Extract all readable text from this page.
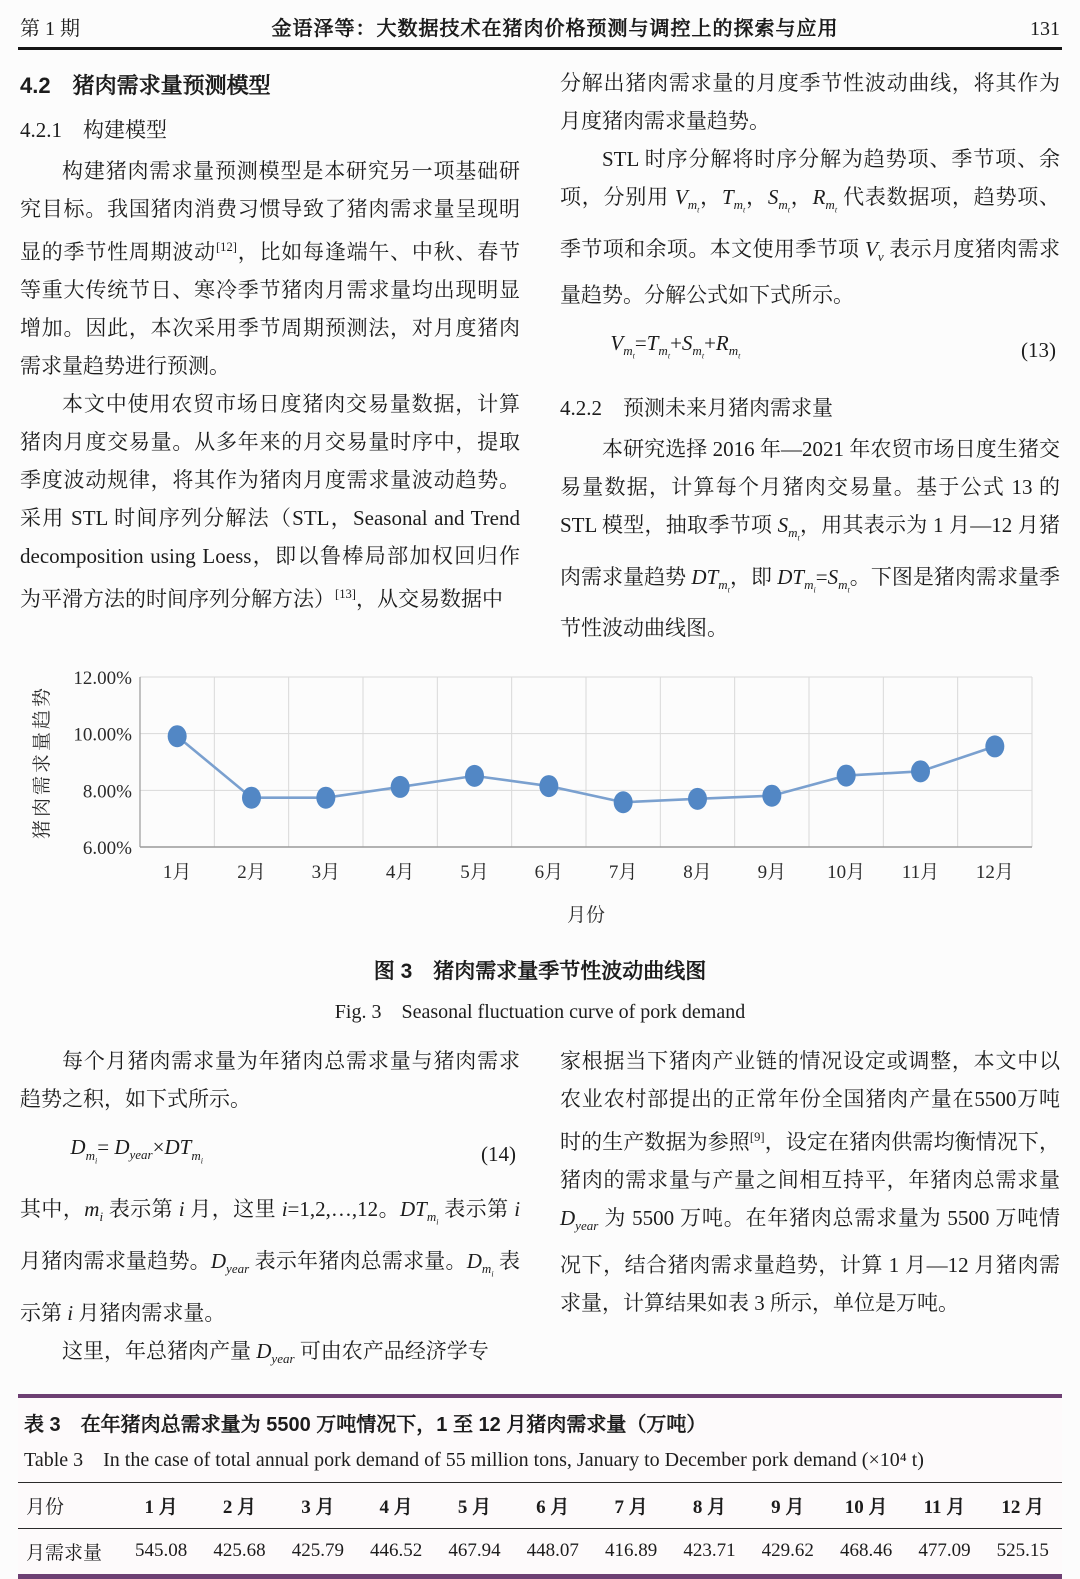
第 1 期	金语泽等：大数据技术在猪肉价格预测与调控上的探索与应用	131
4.2　猪肉需求量预测模型
4.2.1　构建模型

构建猪肉需求量预测模型是本研究另一项基础研究目标。我国猪肉消费习惯导致了猪肉需求量呈现明显的季节性周期波动[12]，比如每逢端午、中秋、春节等重大传统节日、寒冷季节猪肉月需求量均出现明显增加。因此，本次采用季节周期预测法，对月度猪肉需求量趋势进行预测。

本文中使用农贸市场日度猪肉交易量数据，计算猪肉月度交易量。从多年来的月交易量时序中，提取季度波动规律，将其作为猪肉月度需求量波动趋势。采用 STL 时间序列分解法（STL，Seasonal and Trend decomposition using Loess，即以鲁棒局部加权回归作为平滑方法的时间序列分解方法）[13]，从交易数据中

分解出猪肉需求量的月度季节性波动曲线，将其作为月度猪肉需求量趋势。

STL 时序分解将时序分解为趋势项、季节项、余项，分别用 $V_{m_t}$，$T_{m_t}$，$S_{m_t}$，$R_{m_t}$ 代表数据项，趋势项、季节项和余项。本文使用季节项 $V_v$ 表示月度猪肉需求量趋势。分解公式如下式所示。

$V_{m_t}=T_{m_t}+S_{m_t}+R_{m_t}$	(13)
4.2.2　预测未来月猪肉需求量

本研究选择 2016 年—2021 年农贸市场日度生猪交易量数据，计算每个月猪肉交易量。基于公式 13 的 STL 模型，抽取季节项 $S_{m_t}$，用其表示为 1 月—12 月猪肉需求量趋势 $DT_{m_t}$，即 $DT_{m_i}=S_{m_t}$。下图是猪肉需求量季节性波动曲线图。

12.00%
10.00%
8.00%
6.00%
1月 2月 3月 4月 5月 6月 7月 8月 9月 10月 11月 12月
月份
猪肉需求量趋势
图 3　猪肉需求量季节性波动曲线图
Fig. 3　Seasonal fluctuation curve of pork demand

每个月猪肉需求量为年猪肉总需求量与猪肉需求趋势之积，如下式所示。

$D_{m_i}= D_{year}\times DT_{m_i}$	(14)

其中，$m_i$ 表示第 i 月，这里 i=1,2,…,12。$DT_{m_i}$ 表示第 i 月猪肉需求量趋势。$D_{year}$ 表示年猪肉总需求量。$D_{m_i}$ 表示第 i 月猪肉需求量。

这里，年总猪肉产量 $D_{year}$ 可由农产品经济学专

家根据当下猪肉产业链的情况设定或调整，本文中以农业农村部提出的正常年份全国猪肉产量在5500万吨时的生产数据为参照[9]，设定在猪肉供需均衡情况下，猪肉的需求量与产量之间相互持平，年猪肉总需求量 $D_{year}$ 为 5500 万吨。在年猪肉总需求量为 5500 万吨情况下，结合猪肉需求量趋势，计算 1 月—12 月猪肉需求量，计算结果如表 3 所示，单位是万吨。

表 3　在年猪肉总需求量为 5500 万吨情况下，1 至 12 月猪肉需求量（万吨）
Table 3　In the case of total annual pork demand of 55 million tons, January to December pork demand (×10⁴ t)
月份	1 月	2 月	3 月	4 月	5 月	6 月	7 月	8 月	9 月	10 月	11 月	12 月
月需求量	545.08	425.68	425.79	446.52	467.94	448.07	416.89	423.71	429.62	468.46	477.09	525.15
